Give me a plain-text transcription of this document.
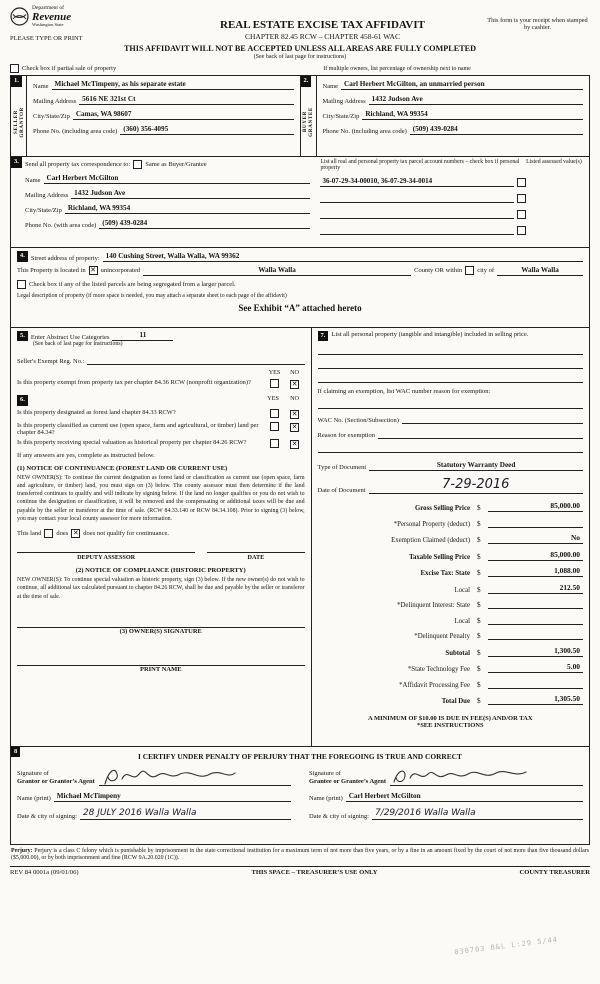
Department of
Revenue
Washington State
PLEASE TYPE OR PRINT
REAL ESTATE EXCISE TAX AFFIDAVIT
CHAPTER 82.45 RCW – CHAPTER 458-61 WAC
This form is your receipt when stamped by cashier.
THIS AFFIDAVIT WILL NOT BE ACCEPTED UNLESS ALL AREAS ARE FULLY COMPLETED
(See back of last page for instructions)
Check box if partial sale of property	If multiple owners, list percentage of ownership next to name
1.
SELLER GRANTOR
Name Michael McTimpeny, as his separate estate
Mailing Address 5616 NE 321st Ct
City/State/Zip Camas, WA 98607
Phone No. (including area code) (360) 356-4095
2.
BUYER GRANTEE
Name Carl Herbert McGilton, an unmarried person
Mailing Address 1432 Judson Ave
City/State/Zip Richland, WA 99354
Phone No. (including area code) (509) 439-0284
3. Send all property tax correspondence to: Same as Buyer/Grantee
Name Carl Herbert McGilton
Mailing Address 1432 Judson Ave
City/State/Zip Richland, WA 99354
Phone No. (with area code) (509) 439-0284
List all real and personal property tax parcel account numbers – check box if personal property
Listed assessed value(s)
36-07-29-34-00010, 36-07-29-34-0014
4. Street address of property: 140 Cushing Street, Walla Walla, WA 99362
This Property is located in ✕ unincorporated	Walla Walla	County OR within city of	Walla Walla
Check box if any of the listed parcels are being segregated from a larger parcel.
Legal description of property (if more space is needed, you may attach a separate sheet to each page of the affidavit)
See Exhibit “A” attached hereto
5. Enter Abstract Use Categories	11
(See back of last page for instructions)
Seller's Exempt Reg. No.:
YES	NO
Is this property exempt from property tax per chapter 84.36 RCW (nonprofit organization)?	✕
6.	YES NO
Is this property designated as forest land chapter 84.33 RCW?	✕
Is this property classified as current use (open space, farm and agricultural, or timber) land per chapter 84.34?
✕
Is this property receiving special valuation as historical property per chapter 84.26 RCW?	✕
If any answers are yes, complete as instructed below.
(1) NOTICE OF CONTINUANCE (FOREST LAND OR CURRENT USE)
NEW OWNER(S): To continue the current designation as forest land or classification as current use (open space, farm and agriculture, or timber) land, you must sign on (3) below. The county assessor must then determine if the land transferred continues to qualify and will indicate by signing below. If the land no longer qualifies or you do not wish to continue the designation or classification, it will be removed and the compensating or additional taxes will be due and payable by the seller or transferor at the time of sale. (RCW 84.33.140 or RCW 84.34.108). Prior to signing (3) below, you may contact your local county assessor for more information.
This land does ✕ does not qualify for continuance.
DEPUTY ASSESSOR	DATE
(2) NOTICE OF COMPLIANCE (HISTORIC PROPERTY)
NEW OWNER(S): To continue special valuation as historic property, sign (3) below. If the new owner(s) do not wish to continue, all additional tax calculated pursuant to chapter 84.26 RCW, shall be due and payable by the seller or transferor at the time of sale.
(3) OWNER(S) SIGNATURE
PRINT NAME
7. List all personal property (tangible and intangible) included in selling price.
If claiming an exemption, list WAC number reason for exemption:
WAC No. (Section/Subsection)
Reason for exemption
Type of Document	Statutory Warranty Deed
Date of Document	7-29-2016
Gross Selling Price $	85,000.00
*Personal Property (deduct) $
Exemption Claimed (deduct) $	No
Taxable Selling Price $	85,000.00
Excise Tax: State $	1,088.00
Local $	212.50
*Delinquent Interest: State $
Local $
*Delinquent Penalty $
Subtotal $	1,300.50
*State Technology Fee $	5.00
*Affidavit Processing Fee $
Total Due $	1,305.50
A MINIMUM OF $10.00 IS DUE IN FEE(S) AND/OR TAX
*SEE INSTRUCTIONS
8
I CERTIFY UNDER PENALTY OF PERJURY THAT THE FOREGOING IS TRUE AND CORRECT
Signature of
Grantor or Grantor’s Agent
Name (print) Michael McTimpeny
Date & city of signing: 28 JULY 2016 Walla Walla
Signature of
Grantee or Grantee’s Agent
Name (print) Carl Herbert McGilton
Date & city of signing: 7/29/2016 Walla Walla
Perjury: Perjury is a class C felony which is punishable by imprisonment in the state correctional institution for a maximum term of not more than five years, or by a fine in an amount fixed by the court of not more than five thousand dollars ($5,000.00), or by both imprisonment and fine (RCW 9A.20.020 (1C)).
REV 84 0001a (09/01/06)	THIS SPACE – TREASURER’S USE ONLY	COUNTY TREASURER
030703 B&L L:29 5/44
